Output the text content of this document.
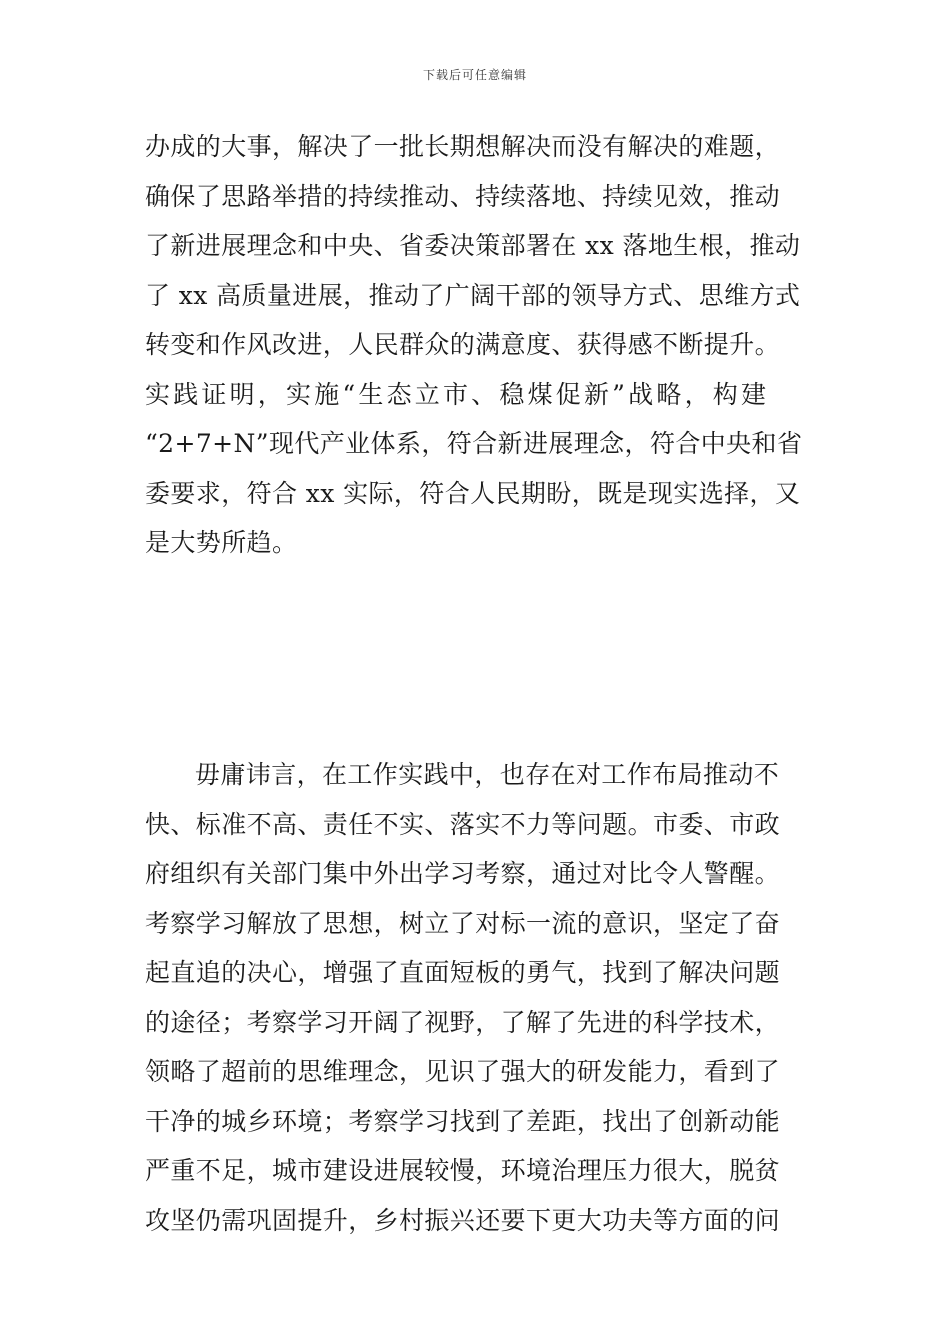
下载后可任意编辑
办成的大事，解决了一批长期想解决而没有解决的难题，
确保了思路举措的持续推动、持续落地、持续见效，推动
了新进展理念和中央、省委决策部署在 xx 落地生根，推动
了 xx 高质量进展，推动了广阔干部的领导方式、思维方式
转变和作风改进，人民群众的满意度、获得感不断提升。
实践证明，实施“生态立市、稳煤促新”战略，构建
“2+7+N”现代产业体系，符合新进展理念，符合中央和省
委要求，符合 xx 实际，符合人民期盼，既是现实选择，又
是大势所趋。
毋庸讳言，在工作实践中，也存在对工作布局推动不
快、标准不高、责任不实、落实不力等问题。市委、市政
府组织有关部门集中外出学习考察，通过对比令人警醒。
考察学习解放了思想，树立了对标一流的意识，坚定了奋
起直追的决心，增强了直面短板的勇气，找到了解决问题
的途径；考察学习开阔了视野，了解了先进的科学技术，
领略了超前的思维理念，见识了强大的研发能力，看到了
干净的城乡环境；考察学习找到了差距，找出了创新动能
严重不足，城市建设进展较慢，环境治理压力很大，脱贫
攻坚仍需巩固提升，乡村振兴还要下更大功夫等方面的问
